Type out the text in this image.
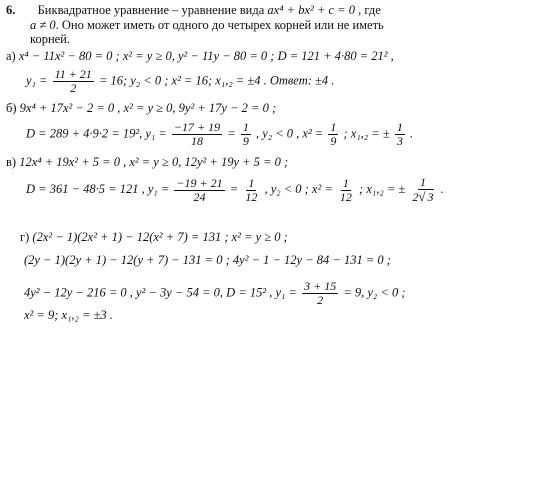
6. Биквадратное уравнение – уравнение вида ax⁴ + bx² + c = 0 , где
a ≠ 0. Оно может иметь от одного до четырех корней или не иметь
корней.
а) x⁴ − 11x² − 80 = 0 ; x² = y ≥ 0, y² − 11y − 80 = 0 ; D = 121 + 4·80 = 21² ,
$y_1 = \frac{11 + 21}{2} = 16$; y₂ < 0 ; x² = 16; x₁,₂ = ±4 . Ответ: ±4 .
б) 9x⁴ + 17x² − 2 = 0 , x² = y ≥ 0, 9y² + 17y − 2 = 0 ;
D = 289 + 4·9·2 = 19², $y_1 = \frac{-17 + 19}{18} = \frac{1}{9}$ , y₂ < 0 , $x^2 = \frac{1}{9}$ ; x₁,₂ = ± $\frac{1}{3}$ .
в) 12x⁴ + 19x² + 5 = 0 , x² = y ≥ 0, 12y² + 19y + 5 = 0 ;
D = 361 − 48·5 = 121 , $y_1 = \frac{-19 + 21}{24} = \frac{1}{12}$ , y₂ < 0 ; $x^2 = \frac{1}{12}$ ; x₁,₂ = ± $\frac{1}{2√ 3}$ .
г) (2x² − 1)(2x² + 1) − 12(x² + 7) = 131 ; x² = y ≥ 0 ;
(2y − 1)(2y + 1) − 12(y + 7) − 131 = 0 ; 4y² − 1 − 12y − 84 − 131 = 0 ;
4y² − 12y − 216 = 0 , y² − 3y − 54 = 0, D = 15² , $y_1 = \frac{3 + 15}{2} = 9$, y₂ < 0 ;
x² = 9; x₁,₂ = ±3 .
